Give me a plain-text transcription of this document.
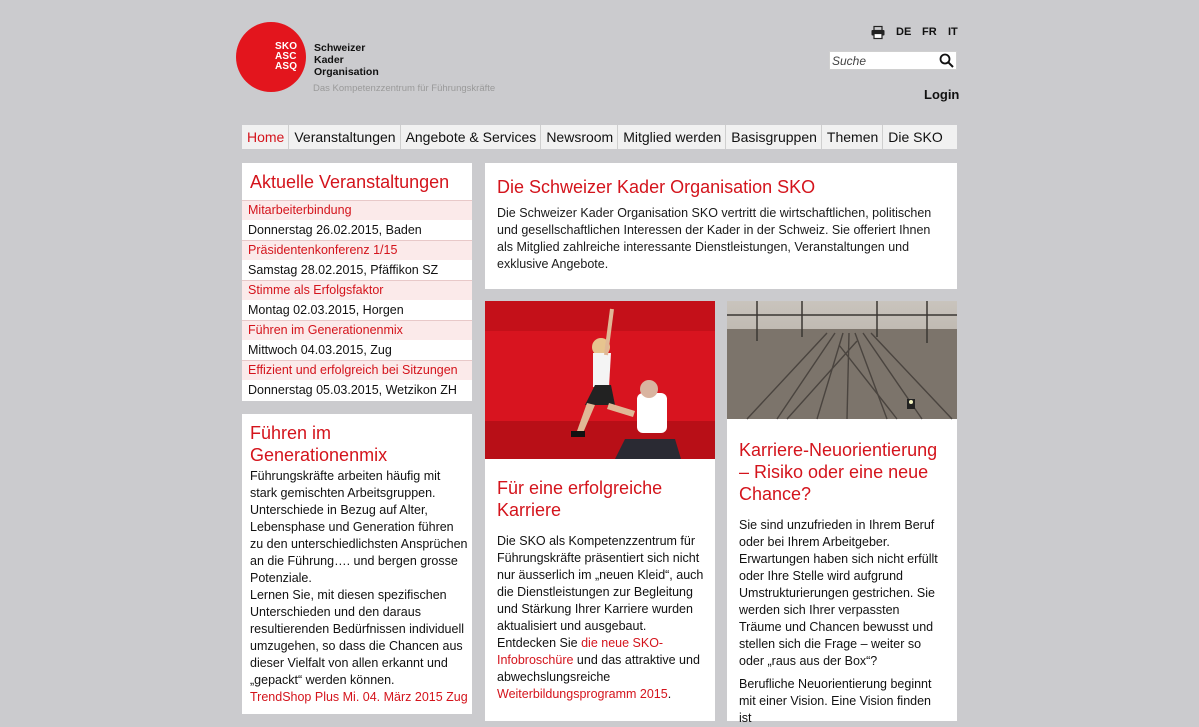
SKO
ASC
ASQ
Schweizer
Kader
Organisation
Das Kompetenzzentrum für Führungskräfte
DE FR IT
Suche
Login
Home Veranstaltungen Angebote & Services Newsroom Mitglied werden Basisgruppen Themen Die SKO
Aktuelle Veranstaltungen
Mitarbeiterbindung
Donnerstag 26.02.2015, Baden
Präsidentenkonferenz 1/15
Samstag 28.02.2015, Pfäffikon SZ
Stimme als Erfolgsfaktor
Montag 02.03.2015, Horgen
Führen im Generationenmix
Mittwoch 04.03.2015, Zug
Effizient und erfolgreich bei Sitzungen
Donnerstag 05.03.2015, Wetzikon ZH
Führen im Generationenmix

Führungskräfte arbeiten häufig mit stark gemischten Arbeitsgruppen. Unterschiede in Bezug auf Alter, Lebensphase und Generation führen zu den unterschiedlichsten Ansprüchen an die Führung…. und bergen grosse Potenziale.

Lernen Sie, mit diesen spezifischen Unterschieden und den daraus resultierenden Bedürfnissen individuell umzugehen, so dass die Chancen aus dieser Vielfalt von allen erkannt und „gepackt“ werden können.

TrendShop Plus Mi. 04. März 2015 Zug

Die Schweizer Kader Organisation SKO

Die Schweizer Kader Organisation SKO vertritt die wirtschaftlichen, politischen und gesellschaftlichen Interessen der Kader in der Schweiz. Sie offeriert Ihnen als Mitglied zahlreiche interessante Dienstleistungen, Veranstaltungen und exklusive Angebote.

Für eine erfolgreiche Karriere

Die SKO als Kompetenzzentrum für Führungskräfte präsentiert sich nicht nur äusserlich im „neuen Kleid“, auch die Dienstleistungen zur Begleitung und Stärkung Ihrer Karriere wurden aktualisiert und ausgebaut. Entdecken Sie die neue SKO-Infobroschüre und das attraktive und abwechslungsreiche Weiterbildungsprogramm 2015.

Karriere-Neuorientierung – Risiko oder eine neue Chance?

Sie sind unzufrieden in Ihrem Beruf oder bei Ihrem Arbeitgeber. Erwartungen haben sich nicht erfüllt oder Ihre Stelle wird aufgrund Umstrukturierungen gestrichen. Sie werden sich Ihrer verpassten Träume und Chancen bewusst und stellen sich die Frage – weiter so oder „raus aus der Box“?

Berufliche Neuorientierung beginnt mit einer Vision. Eine Vision finden ist
